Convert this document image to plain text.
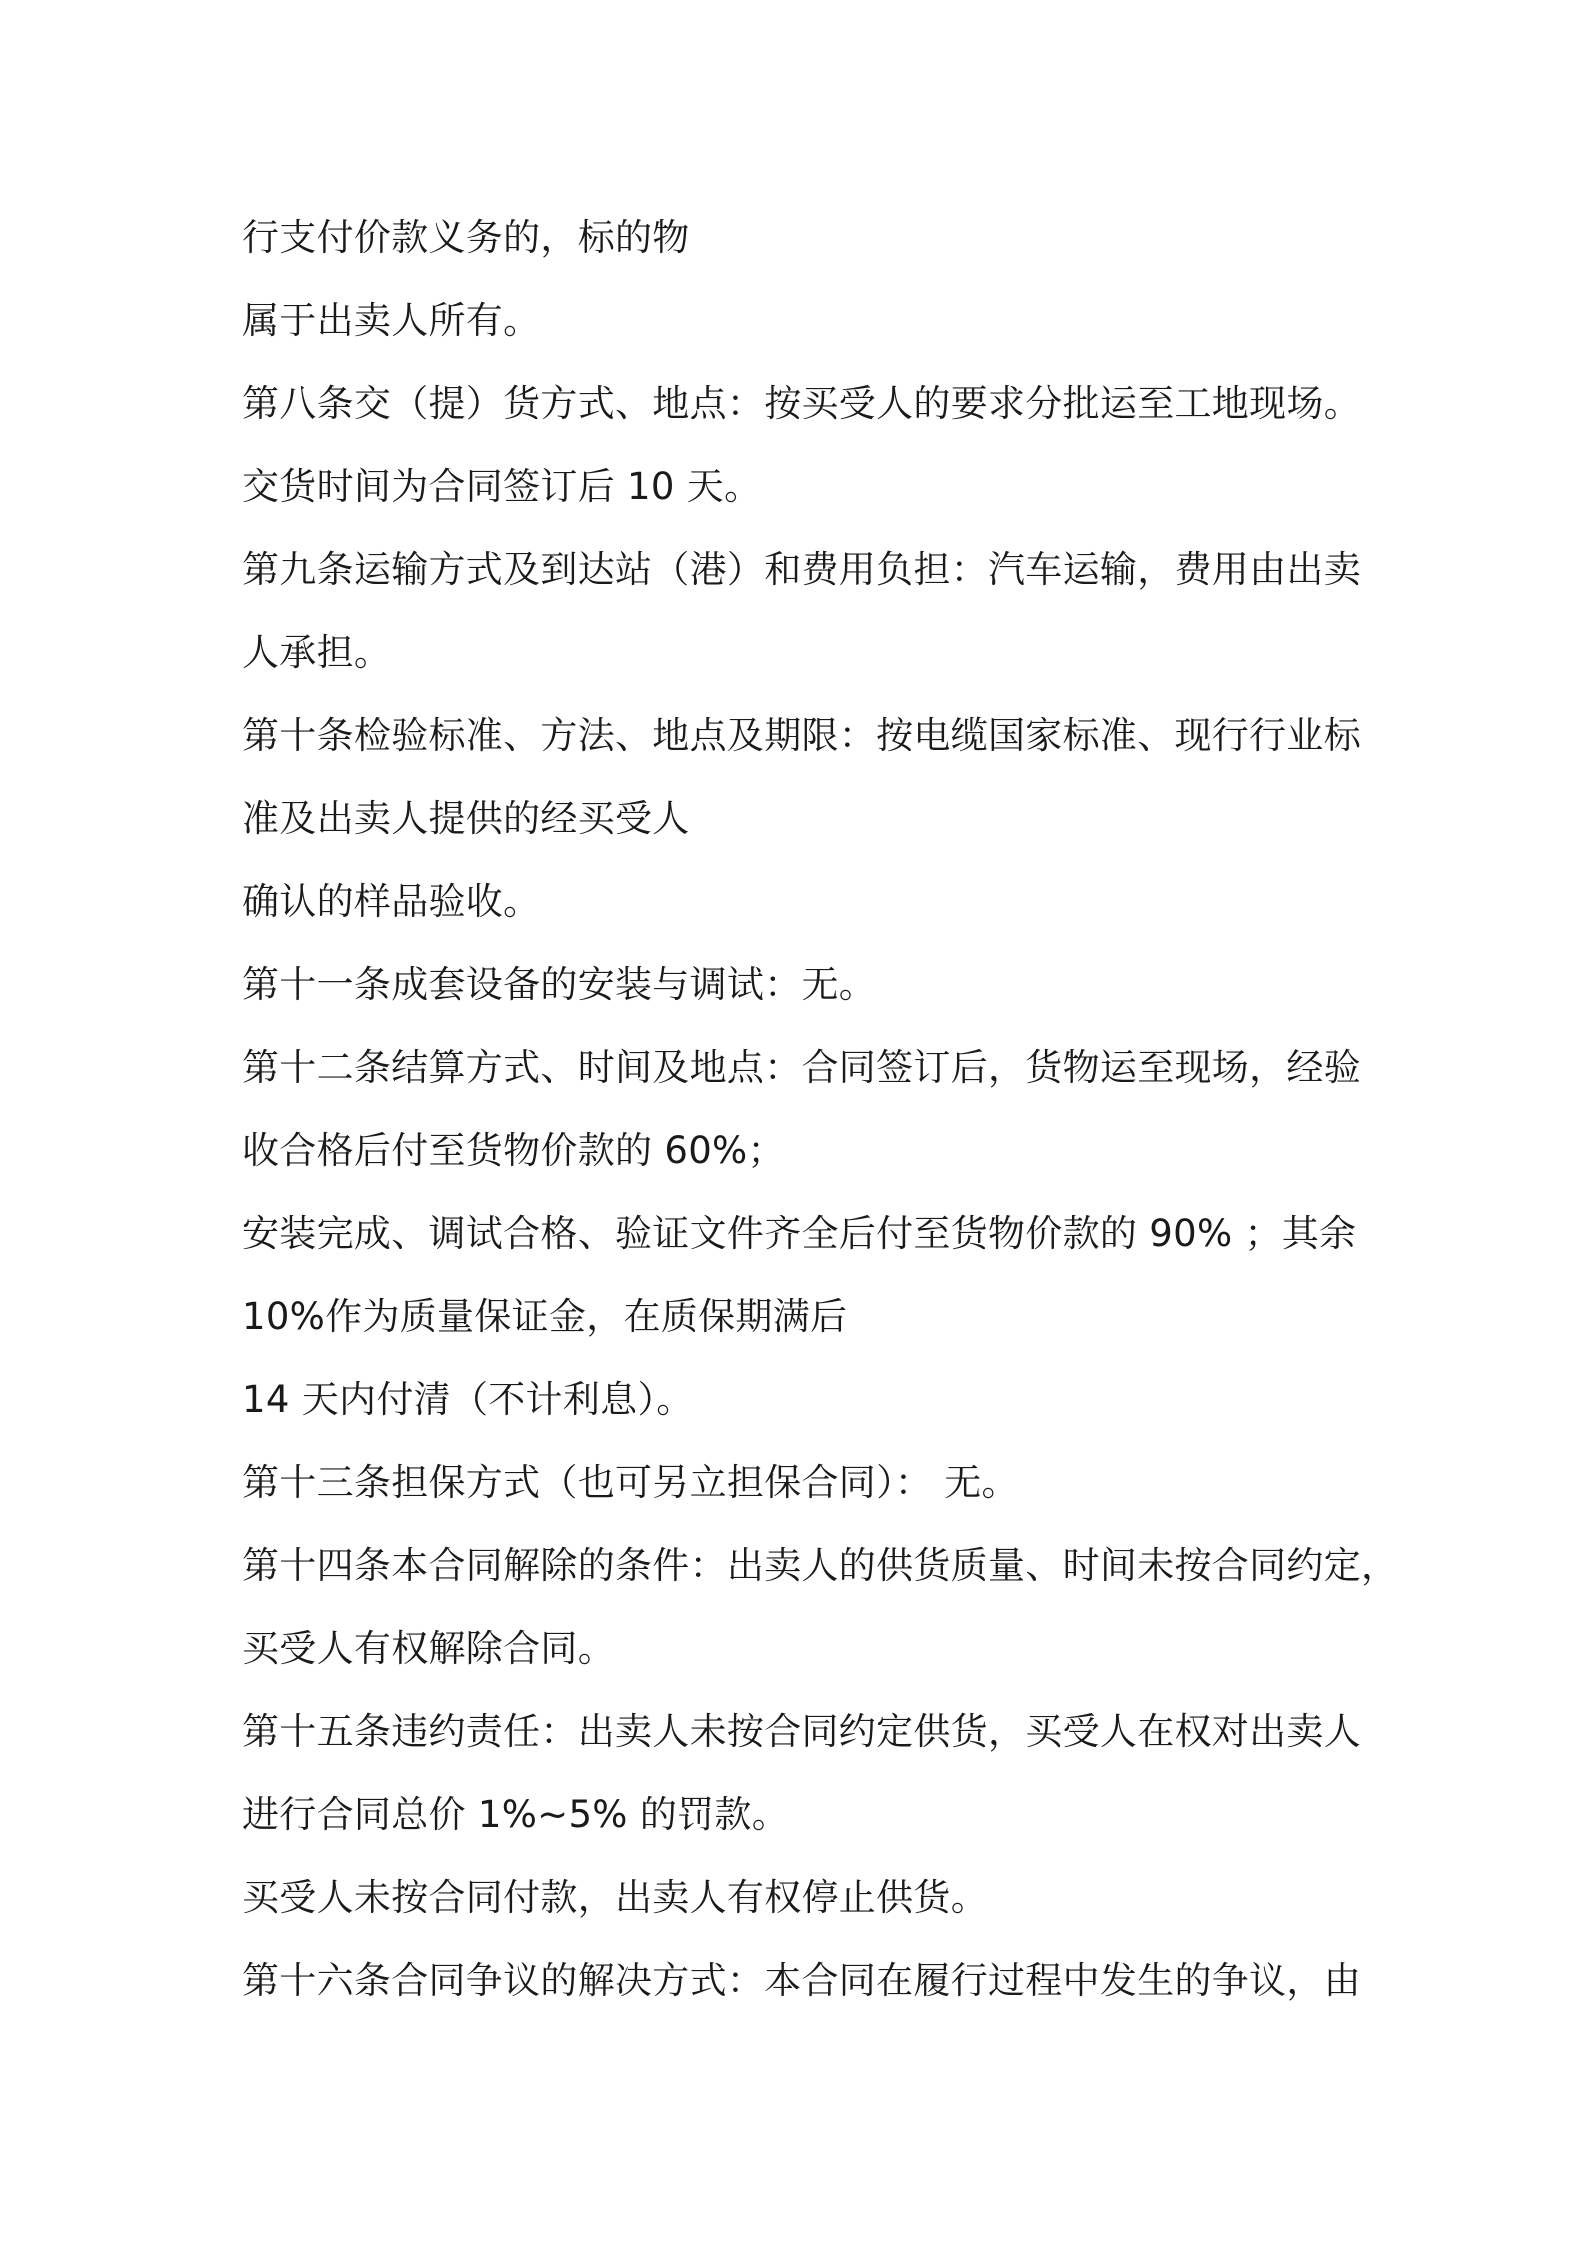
行支付价款义务的，标的物
属于出卖人所有。
第八条交（提）货方式、地点：按买受人的要求分批运至工地现场。
交货时间为合同签订后 10 天。
第九条运输方式及到达站（港）和费用负担：汽车运输，费用由出卖
人承担。
第十条检验标准、方法、地点及期限：按电缆国家标准、现行行业标
准及出卖人提供的经买受人
确认的样品验收。
第十一条成套设备的安装与调试：无。
第十二条结算方式、时间及地点：合同签订后，货物运至现场，经验
收合格后付至货物价款的 60%；
安装完成、调试合格、验证文件齐全后付至货物价款的 90% ；其余
10%作为质量保证金，在质保期满后
14 天内付清（不计利息）。
第十三条担保方式（也可另立担保合同）： 无。
第十四条本合同解除的条件：出卖人的供货质量、时间未按合同约定，
买受人有权解除合同。
第十五条违约责任：出卖人未按合同约定供货，买受人在权对出卖人
进行合同总价 1%~5% 的罚款。
买受人未按合同付款，出卖人有权停止供货。
第十六条合同争议的解决方式：本合同在履行过程中发生的争议，由
